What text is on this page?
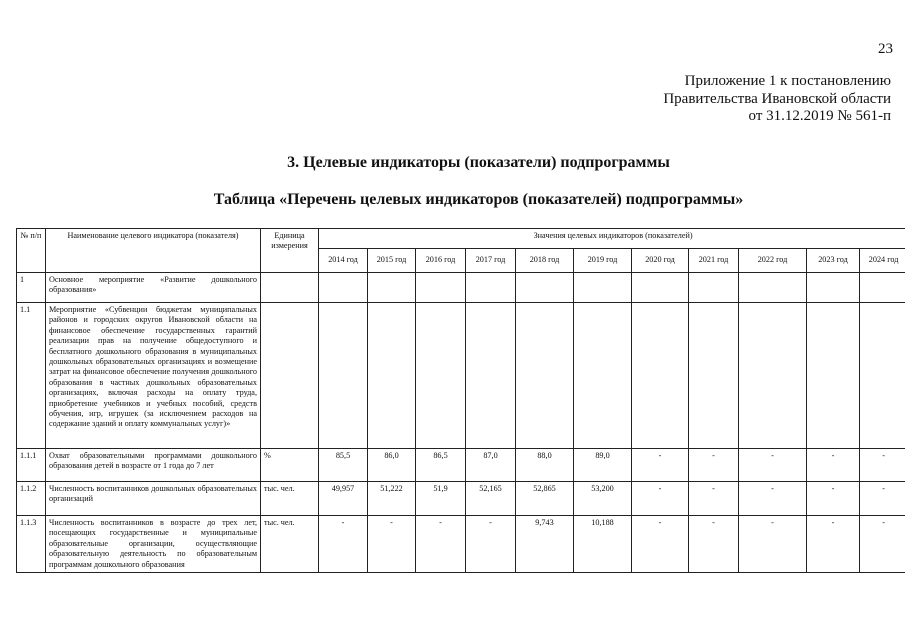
23
Приложение 1 к постановлению
Правительства Ивановской области
от 31.12.2019 № 561-п
3. Целевые индикаторы (показатели) подпрограммы
Таблица «Перечень целевых индикаторов (показателей) подпрограммы»
№ п/п	Наименование целевого индикатора (показателя)	Единица измерения	Значения целевых индикаторов (показателей)										
			2014 год	2015 год	2016 год	2017 год	2018 год	2019 год	2020 год	2021 год	2022 год	2023 год	2024 год
1	Основное мероприятие «Развитие дошкольного образования»												
1.1	Мероприятие «Субвенции бюджетам муниципальных районов и городских округов Ивановской области на финансовое обеспечение государственных гарантий реализации прав на получение общедоступного и бесплатного дошкольного образования в муниципальных дошкольных образовательных организациях и возмещение затрат на финансовое обеспечение получения дошкольного образования в частных дошкольных образовательных организациях, включая расходы на оплату труда, приобретение учебников и учебных пособий, средств обучения, игр, игрушек (за исключением расходов на содержание зданий и оплату коммунальных услуг)»												
1.1.1	Охват образовательными программами дошкольного образования детей в возрасте от 1 года до 7 лет	%	85,5	86,0	86,5	87,0	88,0	89,0	-	-	-	-	-
1.1.2	Численность воспитанников дошкольных образовательных организаций	тыс. чел.	49,957	51,222	51,9	52,165	52,865	53,200	-	-	-	-	-
1.1.3	Численность воспитанников в возрасте до трех лет, посещающих государственные и муниципальные образовательные организации, осуществляющие образовательную деятельность по образовательным программам дошкольного образования	тыс. чел.	-	-	-	-	9,743	10,188	-	-	-	-	-
